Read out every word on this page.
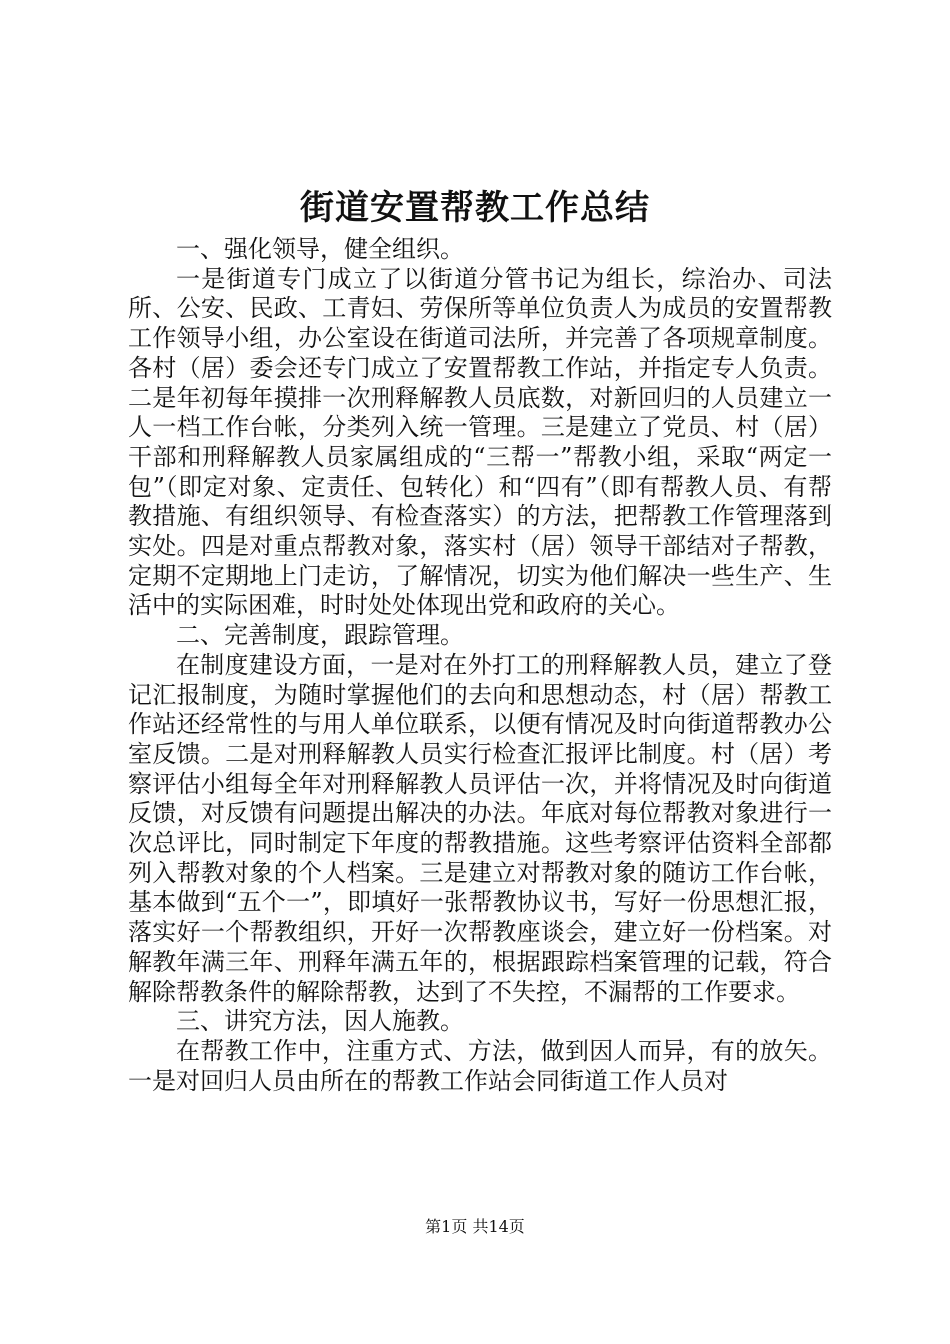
街道安置帮教工作总结

一、强化领导，健全组织。

一是街道专门成立了以街道分管书记为组长，综治办、司法所、公安、民政、工青妇、劳保所等单位负责人为成员的安置帮教工作领导小组，办公室设在街道司法所，并完善了各项规章制度。各村（居）委会还专门成立了安置帮教工作站，并指定专人负责。二是年初每年摸排一次刑释解教人员底数，对新回归的人员建立一人一档工作台帐，分类列入统一管理。三是建立了党员、村（居）干部和刑释解教人员家属组成的“三帮一”帮教小组，采取“两定一包”（即定对象、定责任、包转化）和“四有”（即有帮教人员、有帮教措施、有组织领导、有检查落实）的方法，把帮教工作管理落到实处。四是对重点帮教对象，落实村（居）领导干部结对子帮教，定期不定期地上门走访，了解情况，切实为他们解决一些生产、生活中的实际困难，时时处处体现出党和政府的关心。

二、完善制度，跟踪管理。

在制度建设方面，一是对在外打工的刑释解教人员，建立了登记汇报制度，为随时掌握他们的去向和思想动态，村（居）帮教工作站还经常性的与用人单位联系，以便有情况及时向街道帮教办公室反馈。二是对刑释解教人员实行检查汇报评比制度。村（居）考察评估小组每全年对刑释解教人员评估一次，并将情况及时向街道反馈，对反馈有问题提出解决的办法。年底对每位帮教对象进行一次总评比，同时制定下年度的帮教措施。这些考察评估资料全部都列入帮教对象的个人档案。三是建立对帮教对象的随访工作台帐，基本做到“五个一”，即填好一张帮教协议书，写好一份思想汇报，落实好一个帮教组织，开好一次帮教座谈会，建立好一份档案。对解教年满三年、刑释年满五年的，根据跟踪档案管理的记载，符合解除帮教条件的解除帮教，达到了不失控，不漏帮的工作要求。

三、讲究方法，因人施教。

在帮教工作中，注重方式、方法，做到因人而异，有的放矢。一是对回归人员由所在的帮教工作站会同街道工作人员对

第1页 共14页
